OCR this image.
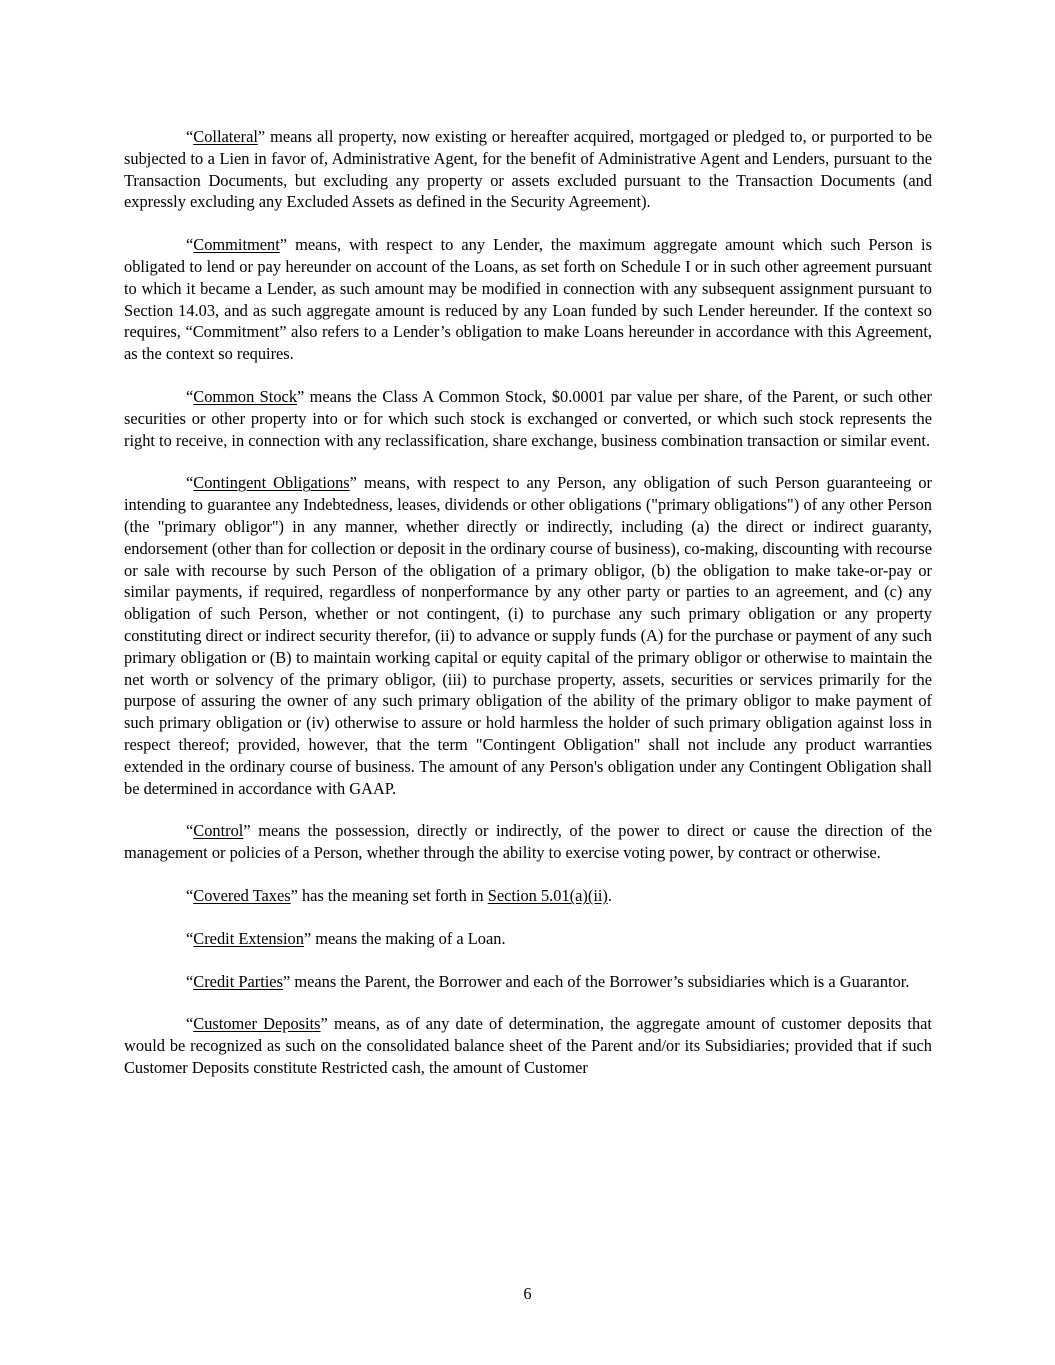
“Collateral” means all property, now existing or hereafter acquired, mortgaged or pledged to, or purported to be subjected to a Lien in favor of, Administrative Agent, for the benefit of Administrative Agent and Lenders, pursuant to the Transaction Documents, but excluding any property or assets excluded pursuant to the Transaction Documents (and expressly excluding any Excluded Assets as defined in the Security Agreement).

“Commitment” means, with respect to any Lender, the maximum aggregate amount which such Person is obligated to lend or pay hereunder on account of the Loans, as set forth on Schedule I or in such other agreement pursuant to which it became a Lender, as such amount may be modified in connection with any subsequent assignment pursuant to Section 14.03, and as such aggregate amount is reduced by any Loan funded by such Lender hereunder. If the context so requires, “Commitment” also refers to a Lender’s obligation to make Loans hereunder in accordance with this Agreement, as the context so requires.

“Common Stock” means the Class A Common Stock, $0.0001 par value per share, of the Parent, or such other securities or other property into or for which such stock is exchanged or converted, or which such stock represents the right to receive, in connection with any reclassification, share exchange, business combination transaction or similar event.

“Contingent Obligations” means, with respect to any Person, any obligation of such Person guaranteeing or intending to guarantee any Indebtedness, leases, dividends or other obligations ("primary obligations") of any other Person (the "primary obligor") in any manner, whether directly or indirectly, including (a) the direct or indirect guaranty, endorsement (other than for collection or deposit in the ordinary course of business), co-making, discounting with recourse or sale with recourse by such Person of the obligation of a primary obligor, (b) the obligation to make take-or-pay or similar payments, if required, regardless of nonperformance by any other party or parties to an agreement, and (c) any obligation of such Person, whether or not contingent, (i) to purchase any such primary obligation or any property constituting direct or indirect security therefor, (ii) to advance or supply funds (A) for the purchase or payment of any such primary obligation or (B) to maintain working capital or equity capital of the primary obligor or otherwise to maintain the net worth or solvency of the primary obligor, (iii) to purchase property, assets, securities or services primarily for the purpose of assuring the owner of any such primary obligation of the ability of the primary obligor to make payment of such primary obligation or (iv) otherwise to assure or hold harmless the holder of such primary obligation against loss in respect thereof; provided, however, that the term "Contingent Obligation" shall not include any product warranties extended in the ordinary course of business. The amount of any Person's obligation under any Contingent Obligation shall be determined in accordance with GAAP.

“Control” means the possession, directly or indirectly, of the power to direct or cause the direction of the management or policies of a Person, whether through the ability to exercise voting power, by contract or otherwise.

“Covered Taxes” has the meaning set forth in Section 5.01(a)(ii).

“Credit Extension” means the making of a Loan.

“Credit Parties” means the Parent, the Borrower and each of the Borrower’s subsidiaries which is a Guarantor.

“Customer Deposits” means, as of any date of determination, the aggregate amount of customer deposits that would be recognized as such on the consolidated balance sheet of the Parent and/or its Subsidiaries; provided that if such Customer Deposits constitute Restricted cash, the amount of Customer

6
